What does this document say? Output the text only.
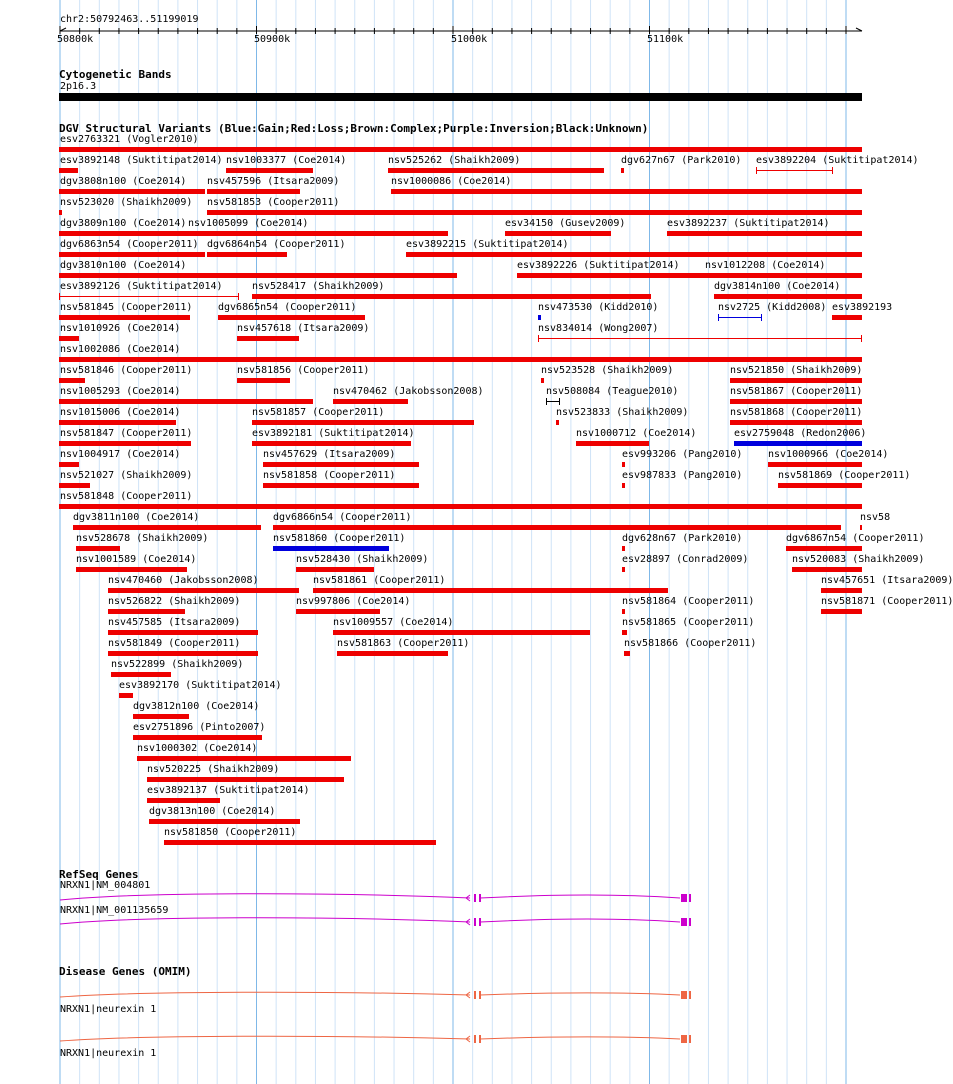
chr2:50792463..51199019
50800k	50900k	51000k	51100k
Cytogenetic Bands
2p16.3
DGV Structural Variants (Blue:Gain;Red:Loss;Brown:Complex;Purple:Inversion;Black:Unknown)
esv2763321 (Vogler2010)
esv3892148 (Suktitipat2014) nsv1003377 (Coe2014)	nsv525262 (Shaikh2009)	dgv627n67 (Park2010) esv3892204 (Suktitipat2014)
dgv3808n100 (Coe2014) nsv457596 (Itsara2009)	nsv1000086 (Coe2014)
nsv523020 (Shaikh2009) nsv581853 (Cooper2011)
dgv3809n100 (Coe2014) nsv1005099 (Coe2014)	esv34150 (Gusev2009)	esv3892237 (Suktitipat2014)
dgv6863n54 (Cooper2011) dgv6864n54 (Cooper2011)	esv3892215 (Suktitipat2014)
dgv3810n100 (Coe2014)	esv3892226 (Suktitipat2014)	nsv1012208 (Coe2014)
esv3892126 (Suktitipat2014)	nsv528417 (Shaikh2009)	dgv3814n100 (Coe2014)
nsv581845 (Cooper2011)	dgv6865n54 (Cooper2011)	nsv473530 (Kidd2010)	nsv2725 (Kidd2008) esv3892193
nsv1010926 (Coe2014)	nsv457618 (Itsara2009)	nsv834014 (Wong2007)
nsv1002086 (Coe2014)
nsv581846 (Cooper2011)	nsv581856 (Cooper2011)	nsv523528 (Shaikh2009)	nsv521850 (Shaikh2009)
nsv1005293 (Coe2014)	nsv470462 (Jakobsson2008)	nsv508084 (Teague2010)	nsv581867 (Cooper2011)
nsv1015006 (Coe2014)	nsv581857 (Cooper2011)	nsv523833 (Shaikh2009)	nsv581868 (Cooper2011)
nsv581847 (Cooper2011)	esv3892181 (Suktitipat2014)	nsv1000712 (Coe2014)	esv2759048 (Redon2006)
nsv1004917 (Coe2014)	nsv457629 (Itsara2009)	esv993206 (Pang2010)	nsv1000966 (Coe2014)
nsv521027 (Shaikh2009)	nsv581858 (Cooper2011)	esv987833 (Pang2010)	nsv581869 (Cooper2011)
nsv581848 (Cooper2011)
dgv3811n100 (Coe2014)	dgv6866n54 (Cooper2011)	nsv58
nsv528678 (Shaikh2009)	nsv581860 (Cooper2011)	dgv628n67 (Park2010)	dgv6867n54 (Cooper2011)
nsv1001589 (Coe2014)	nsv528430 (Shaikh2009)	esv28897 (Conrad2009)	nsv520083 (Shaikh2009)
nsv470460 (Jakobsson2008)	nsv581861 (Cooper2011)	nsv457651 (Itsara2009)
nsv526822 (Shaikh2009)	nsv997806 (Coe2014)	nsv581864 (Cooper2011)	nsv581871 (Cooper2011)
nsv457585 (Itsara2009)	nsv1009557 (Coe2014)	nsv581865 (Cooper2011)
nsv581849 (Cooper2011)	nsv581863 (Cooper2011)	nsv581866 (Cooper2011)
nsv522899 (Shaikh2009)
esv3892170 (Suktitipat2014)
dgv3812n100 (Coe2014)
esv2751896 (Pinto2007)
nsv1000302 (Coe2014)
nsv520225 (Shaikh2009)
esv3892137 (Suktitipat2014)
dgv3813n100 (Coe2014)
nsv581850 (Cooper2011)
RefSeq Genes
NRXN1|NM_004801
NRXN1|NM_001135659
Disease Genes (OMIM)
NRXN1|neurexin 1
NRXN1|neurexin 1
